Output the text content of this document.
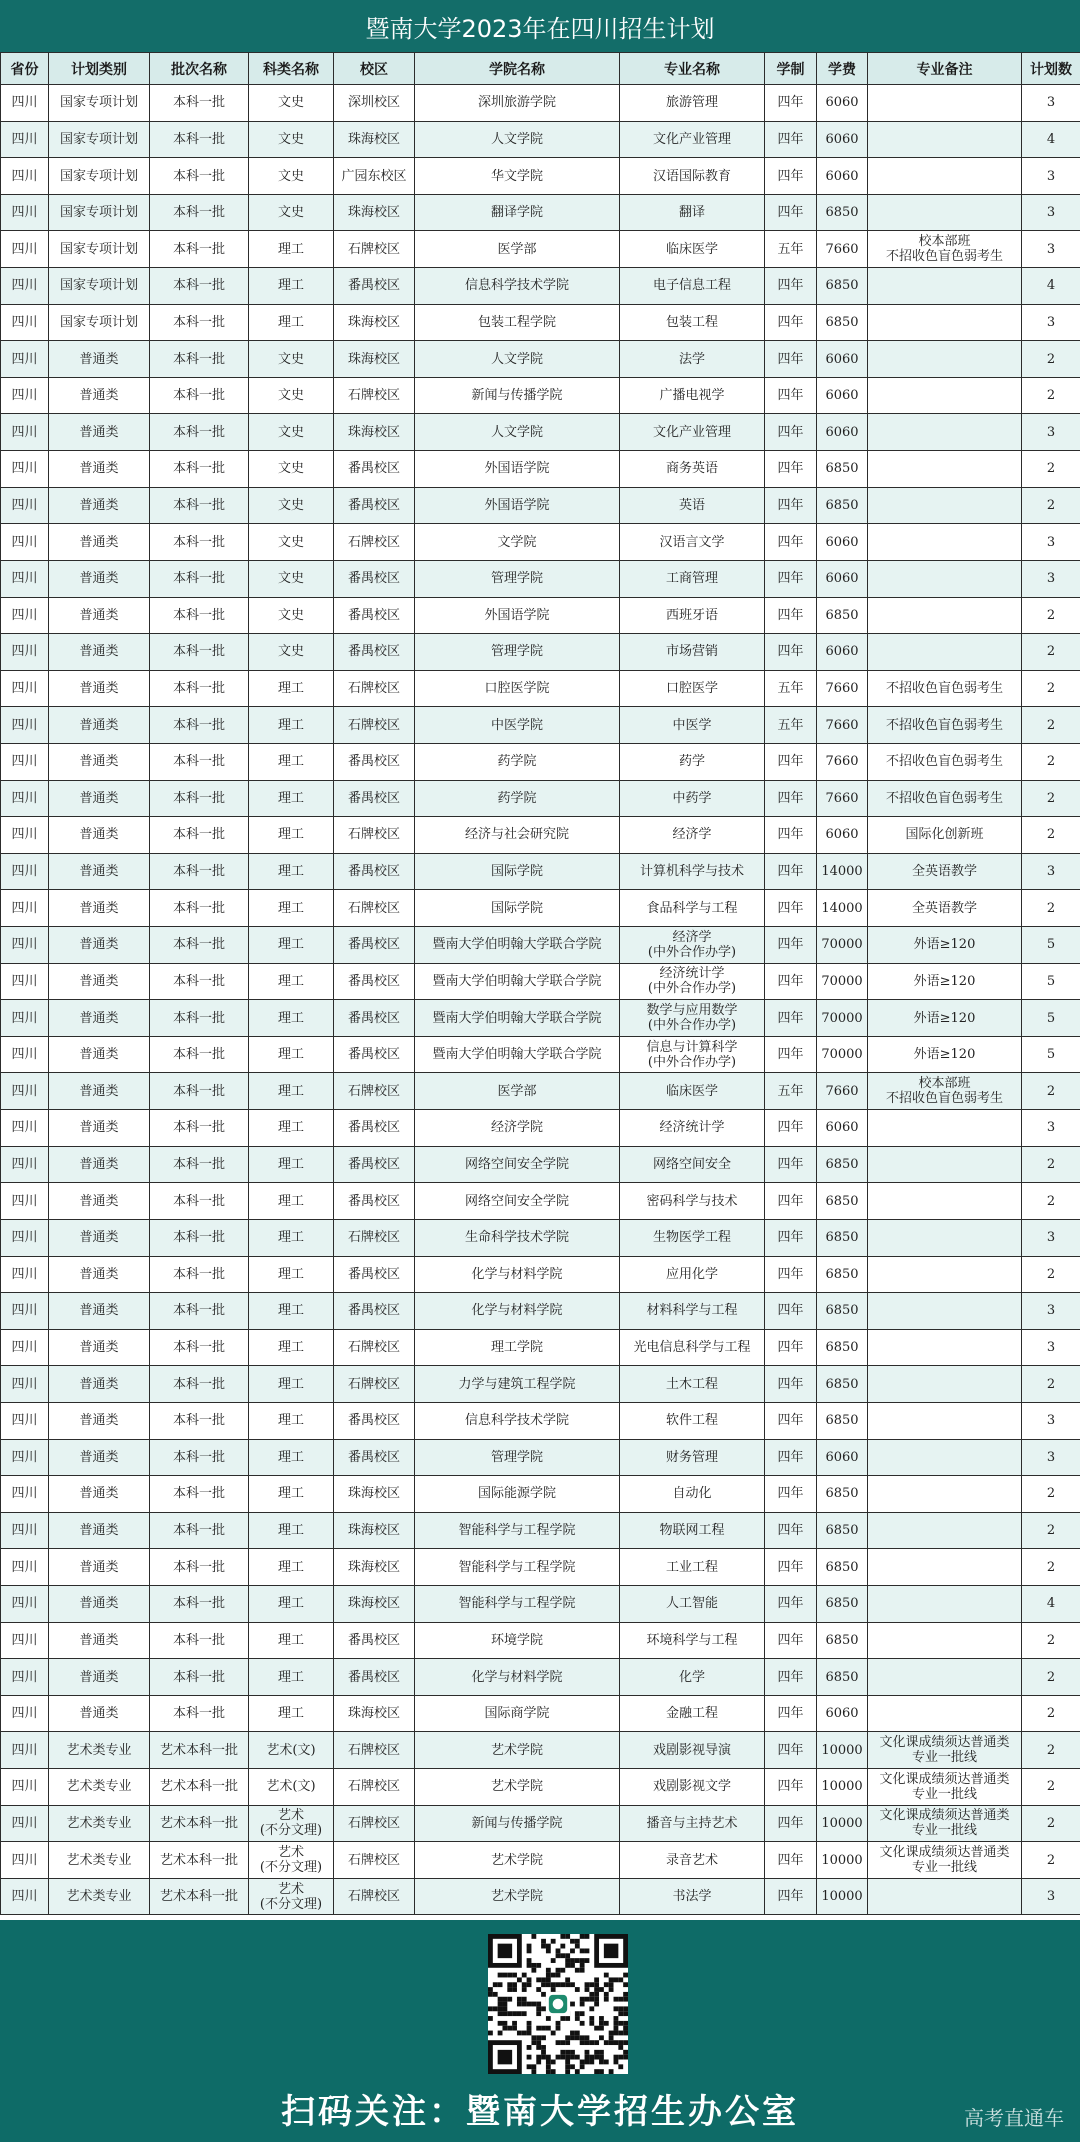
暨南大学2023年在四川招生计划
省份	计划类别	批次名称	科类名称	校区	学院名称	专业名称	学制	学费	专业备注	计划数
四川	国家专项计划	本科一批	文史	深圳校区	深圳旅游学院	旅游管理	四年	6060		3
四川	国家专项计划	本科一批	文史	珠海校区	人文学院	文化产业管理	四年	6060		4
四川	国家专项计划	本科一批	文史	广园东校区	华文学院	汉语国际教育	四年	6060		3
四川	国家专项计划	本科一批	文史	珠海校区	翻译学院	翻译	四年	6850		3
四川	国家专项计划	本科一批	理工	石牌校区	医学部	临床医学	五年	7660	校本部班
不招收色盲色弱考生	3
四川	国家专项计划	本科一批	理工	番禺校区	信息科学技术学院	电子信息工程	四年	6850		4
四川	国家专项计划	本科一批	理工	珠海校区	包装工程学院	包装工程	四年	6850		3
四川	普通类	本科一批	文史	珠海校区	人文学院	法学	四年	6060		2
四川	普通类	本科一批	文史	石牌校区	新闻与传播学院	广播电视学	四年	6060		2
四川	普通类	本科一批	文史	珠海校区	人文学院	文化产业管理	四年	6060		3
四川	普通类	本科一批	文史	番禺校区	外国语学院	商务英语	四年	6850		2
四川	普通类	本科一批	文史	番禺校区	外国语学院	英语	四年	6850		2
四川	普通类	本科一批	文史	石牌校区	文学院	汉语言文学	四年	6060		3
四川	普通类	本科一批	文史	番禺校区	管理学院	工商管理	四年	6060		3
四川	普通类	本科一批	文史	番禺校区	外国语学院	西班牙语	四年	6850		2
四川	普通类	本科一批	文史	番禺校区	管理学院	市场营销	四年	6060		2
四川	普通类	本科一批	理工	石牌校区	口腔医学院	口腔医学	五年	7660	不招收色盲色弱考生	2
四川	普通类	本科一批	理工	石牌校区	中医学院	中医学	五年	7660	不招收色盲色弱考生	2
四川	普通类	本科一批	理工	番禺校区	药学院	药学	四年	7660	不招收色盲色弱考生	2
四川	普通类	本科一批	理工	番禺校区	药学院	中药学	四年	7660	不招收色盲色弱考生	2
四川	普通类	本科一批	理工	石牌校区	经济与社会研究院	经济学	四年	6060	国际化创新班	2
四川	普通类	本科一批	理工	番禺校区	国际学院	计算机科学与技术	四年	14000	全英语教学	3
四川	普通类	本科一批	理工	石牌校区	国际学院	食品科学与工程	四年	14000	全英语教学	2
四川	普通类	本科一批	理工	番禺校区	暨南大学伯明翰大学联合学院	经济学
(中外合作办学)	四年	70000	外语≥120	5
四川	普通类	本科一批	理工	番禺校区	暨南大学伯明翰大学联合学院	经济统计学
(中外合作办学)	四年	70000	外语≥120	5
四川	普通类	本科一批	理工	番禺校区	暨南大学伯明翰大学联合学院	数学与应用数学
(中外合作办学)	四年	70000	外语≥120	5
四川	普通类	本科一批	理工	番禺校区	暨南大学伯明翰大学联合学院	信息与计算科学
(中外合作办学)	四年	70000	外语≥120	5
四川	普通类	本科一批	理工	石牌校区	医学部	临床医学	五年	7660	校本部班
不招收色盲色弱考生	2
四川	普通类	本科一批	理工	番禺校区	经济学院	经济统计学	四年	6060		3
四川	普通类	本科一批	理工	番禺校区	网络空间安全学院	网络空间安全	四年	6850		2
四川	普通类	本科一批	理工	番禺校区	网络空间安全学院	密码科学与技术	四年	6850		2
四川	普通类	本科一批	理工	石牌校区	生命科学技术学院	生物医学工程	四年	6850		3
四川	普通类	本科一批	理工	番禺校区	化学与材料学院	应用化学	四年	6850		2
四川	普通类	本科一批	理工	番禺校区	化学与材料学院	材料科学与工程	四年	6850		3
四川	普通类	本科一批	理工	石牌校区	理工学院	光电信息科学与工程	四年	6850		3
四川	普通类	本科一批	理工	石牌校区	力学与建筑工程学院	土木工程	四年	6850		2
四川	普通类	本科一批	理工	番禺校区	信息科学技术学院	软件工程	四年	6850		3
四川	普通类	本科一批	理工	番禺校区	管理学院	财务管理	四年	6060		3
四川	普通类	本科一批	理工	珠海校区	国际能源学院	自动化	四年	6850		2
四川	普通类	本科一批	理工	珠海校区	智能科学与工程学院	物联网工程	四年	6850		2
四川	普通类	本科一批	理工	珠海校区	智能科学与工程学院	工业工程	四年	6850		2
四川	普通类	本科一批	理工	珠海校区	智能科学与工程学院	人工智能	四年	6850		4
四川	普通类	本科一批	理工	番禺校区	环境学院	环境科学与工程	四年	6850		2
四川	普通类	本科一批	理工	番禺校区	化学与材料学院	化学	四年	6850		2
四川	普通类	本科一批	理工	珠海校区	国际商学院	金融工程	四年	6060		2
四川	艺术类专业	艺术本科一批	艺术(文)	石牌校区	艺术学院	戏剧影视导演	四年	10000	文化课成绩须达普通类
专业一批线	2
四川	艺术类专业	艺术本科一批	艺术(文)	石牌校区	艺术学院	戏剧影视文学	四年	10000	文化课成绩须达普通类
专业一批线	2
四川	艺术类专业	艺术本科一批	艺术
(不分文理)	石牌校区	新闻与传播学院	播音与主持艺术	四年	10000	文化课成绩须达普通类
专业一批线	2
四川	艺术类专业	艺术本科一批	艺术
(不分文理)	石牌校区	艺术学院	录音艺术	四年	10000	文化课成绩须达普通类
专业一批线	2
四川	艺术类专业	艺术本科一批	艺术
(不分文理)	石牌校区	艺术学院	书法学	四年	10000		3
扫码关注：暨南大学招生办公室	高考直通车
